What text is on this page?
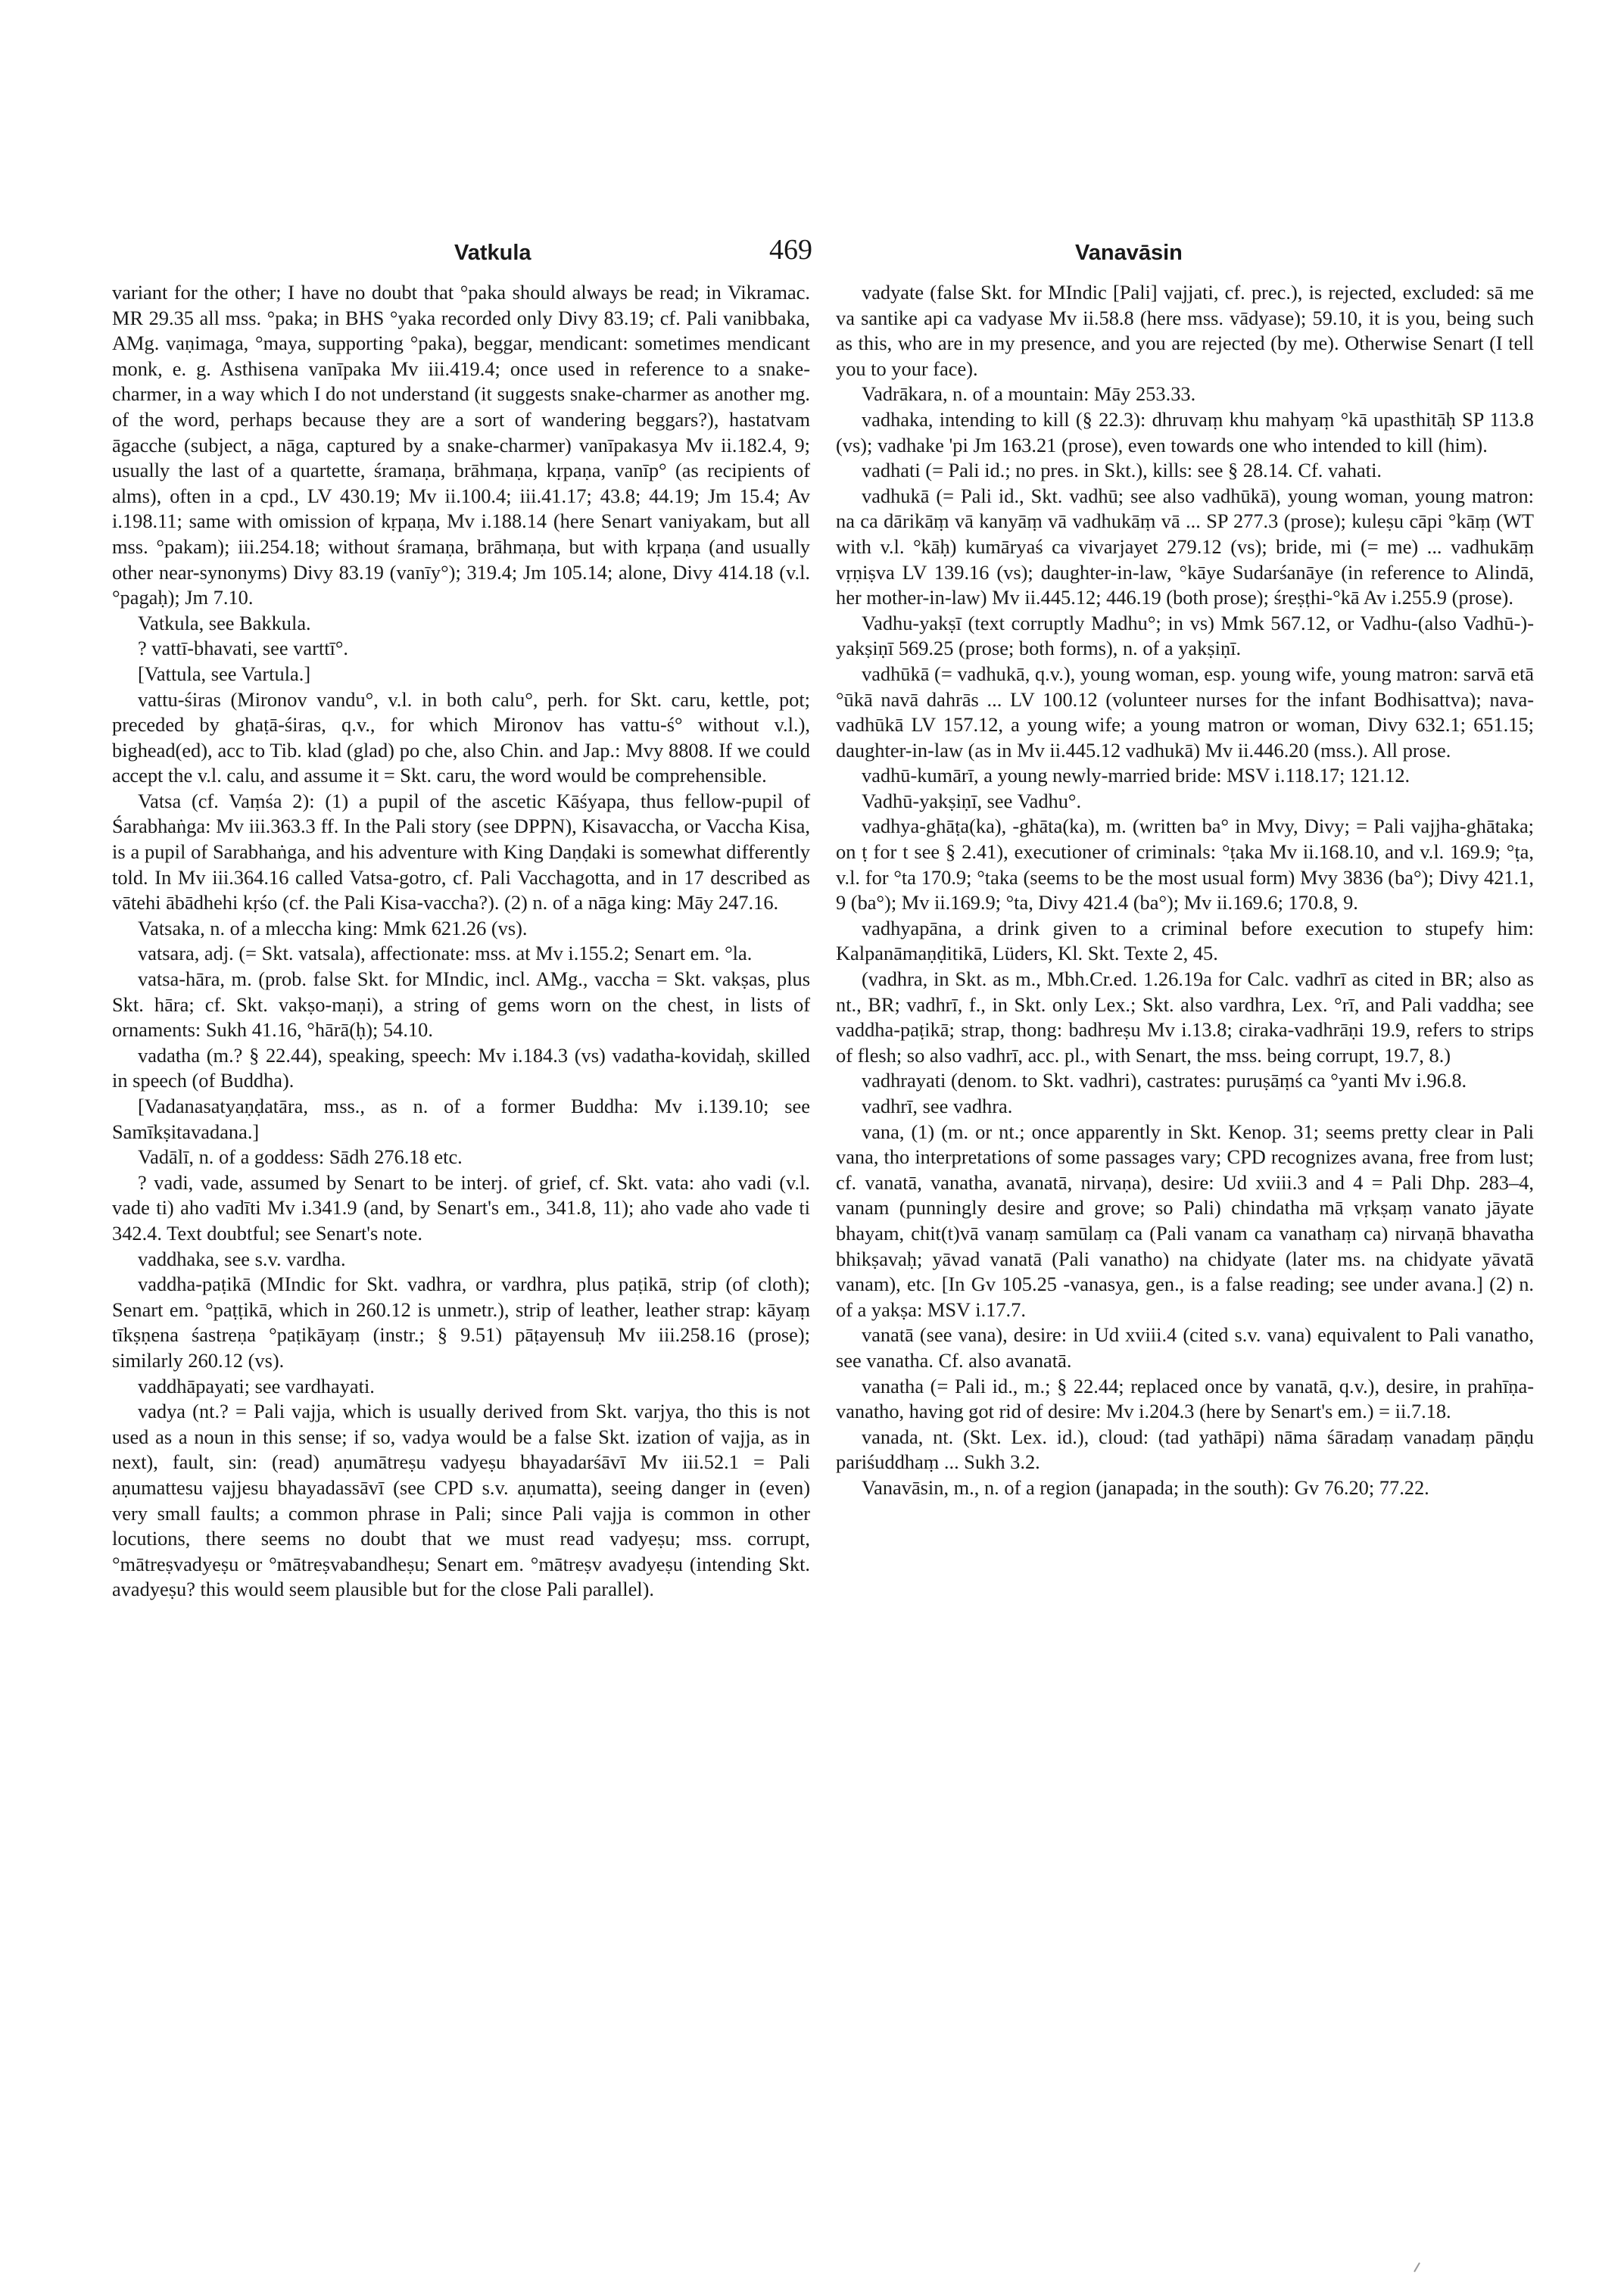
Vatkula	469	Vanavāsin

variant for the other; I have no doubt that °paka should always be read; in Vikramac. MR 29.35 all mss. °paka; in BHS °yaka recorded only Divy 83.19; cf. Pali vanibbaka, AMg. vaṇimaga, °maya, supporting °paka), beggar, mendicant: sometimes mendicant monk, e. g. Asthisena vanīpaka Mv iii.419.4; once used in reference to a snake-charmer, in a way which I do not understand (it suggests snake-charmer as another mg. of the word, perhaps because they are a sort of wandering beggars?), hastatvam āgacche (subject, a nāga, captured by a snake-charmer) vanīpakasya Mv ii.182.4, 9; usually the last of a quartette, śramaṇa, brāhmaṇa, kṛpaṇa, vanīp° (as recipients of alms), often in a cpd., LV 430.19; Mv ii.100.4; iii.41.17; 43.8; 44.19; Jm 15.4; Av i.198.11; same with omission of kṛpaṇa, Mv i.188.14 (here Senart vaniyakam, but all mss. °pakam); iii.254.18; without śramaṇa, brāhmaṇa, but with kṛpaṇa (and usually other near-synonyms) Divy 83.19 (vanīy°); 319.4; Jm 105.14; alone, Divy 414.18 (v.l. °pagaḥ); Jm 7.10.

Vatkula, see Bakkula.

? vattī-bhavati, see varttī°.

[Vattula, see Vartula.]

vattu-śiras (Mironov vandu°, v.l. in both calu°, perh. for Skt. caru, kettle, pot; preceded by ghaṭā-śiras, q.v., for which Mironov has vattu-ś° without v.l.), bighead(ed), acc to Tib. klad (glad) po che, also Chin. and Jap.: Mvy 8808. If we could accept the v.l. calu, and assume it = Skt. caru, the word would be comprehensible.

Vatsa (cf. Vaṃśa 2): (1) a pupil of the ascetic Kāśyapa, thus fellow-pupil of Śarabhaṅga: Mv iii.363.3 ff. In the Pali story (see DPPN), Kisavaccha, or Vaccha Kisa, is a pupil of Sarabhaṅga, and his adventure with King Daṇḍaki is somewhat differently told. In Mv iii.364.16 called Vatsa-gotro, cf. Pali Vacchagotta, and in 17 described as vātehi ābādhehi kṛśo (cf. the Pali Kisa-vaccha?). (2) n. of a nāga king: Māy 247.16.

Vatsaka, n. of a mleccha king: Mmk 621.26 (vs).

vatsara, adj. (= Skt. vatsala), affectionate: mss. at Mv i.155.2; Senart em. °la.

vatsa-hāra, m. (prob. false Skt. for MIndic, incl. AMg., vaccha = Skt. vakṣas, plus Skt. hāra; cf. Skt. vakṣo-maṇi), a string of gems worn on the chest, in lists of ornaments: Sukh 41.16, °hārā(ḥ); 54.10.

vadatha (m.? § 22.44), speaking, speech: Mv i.184.3 (vs) vadatha-kovidaḥ, skilled in speech (of Buddha).

[Vadanasatyaṇḍatāra, mss., as n. of a former Buddha: Mv i.139.10; see Samīkṣitavadana.]

Vadālī, n. of a goddess: Sādh 276.18 etc.

? vadi, vade, assumed by Senart to be interj. of grief, cf. Skt. vata: aho vadi (v.l. vade ti) aho vadīti Mv i.341.9 (and, by Senart's em., 341.8, 11); aho vade aho vade ti 342.4. Text doubtful; see Senart's note.

vaddhaka, see s.v. vardha.

vaddha-paṭikā (MIndic for Skt. vadhra, or vardhra, plus paṭikā, strip (of cloth); Senart em. °paṭṭikā, which in 260.12 is unmetr.), strip of leather, leather strap: kāyaṃ tīkṣṇena śastreṇa °paṭikāyaṃ (instr.; § 9.51) pāṭayensuḥ Mv iii.258.16 (prose); similarly 260.12 (vs).

vaddhāpayati; see vardhayati.

vadya (nt.? = Pali vajja, which is usually derived from Skt. varjya, tho this is not used as a noun in this sense; if so, vadya would be a false Skt. ization of vajja, as in next), fault, sin: (read) aṇumātreṣu vadyeṣu bhayadarśāvī Mv iii.52.1 = Pali aṇumattesu vajjesu bhayadassāvī (see CPD s.v. aṇumatta), seeing danger in (even) very small faults; a common phrase in Pali; since Pali vajja is common in other locutions, there seems no doubt that we must read vadyeṣu; mss. corrupt, °mātreṣvadyeṣu or °mātreṣvabandheṣu; Senart em. °mātreṣv avadyeṣu (intending Skt. avadyeṣu? this would seem plausible but for the close Pali parallel).

vadyate (false Skt. for MIndic [Pali] vajjati, cf. prec.), is rejected, excluded: sā me va santike api ca vadyase Mv ii.58.8 (here mss. vādyase); 59.10, it is you, being such as this, who are in my presence, and you are rejected (by me). Otherwise Senart (I tell you to your face).

Vadrākara, n. of a mountain: Māy 253.33.

vadhaka, intending to kill (§ 22.3): dhruvaṃ khu mahyaṃ °kā upasthitāḥ SP 113.8 (vs); vadhake 'pi Jm 163.21 (prose), even towards one who intended to kill (him).

vadhati (= Pali id.; no pres. in Skt.), kills: see § 28.14. Cf. vahati.

vadhukā (= Pali id., Skt. vadhū; see also vadhūkā), young woman, young matron: na ca dārikāṃ vā kanyāṃ vā vadhukāṃ vā ... SP 277.3 (prose); kuleṣu cāpi °kāṃ (WT with v.l. °kāḥ) kumāryaś ca vivarjayet 279.12 (vs); bride, mi (= me) ... vadhukāṃ vṛṇiṣva LV 139.16 (vs); daughter-in-law, °kāye Sudarśanāye (in reference to Alindā, her mother-in-law) Mv ii.445.12; 446.19 (both prose); śreṣṭhi-°kā Av i.255.9 (prose).

Vadhu-yakṣī (text corruptly Madhu°; in vs) Mmk 567.12, or Vadhu-(also Vadhū-)-yakṣiṇī 569.25 (prose; both forms), n. of a yakṣiṇī.

vadhūkā (= vadhukā, q.v.), young woman, esp. young wife, young matron: sarvā etā °ūkā navā dahrās ... LV 100.12 (volunteer nurses for the infant Bodhisattva); nava-vadhūkā LV 157.12, a young wife; a young matron or woman, Divy 632.1; 651.15; daughter-in-law (as in Mv ii.445.12 vadhukā) Mv ii.446.20 (mss.). All prose.

vadhū-kumārī, a young newly-married bride: MSV i.118.17; 121.12.

Vadhū-yakṣiṇī, see Vadhu°.

vadhya-ghāṭa(ka), -ghāta(ka), m. (written ba° in Mvy, Divy; = Pali vajjha-ghātaka; on ṭ for t see § 2.41), executioner of criminals: °ṭaka Mv ii.168.10, and v.l. 169.9; °ṭa, v.l. for °ta 170.9; °taka (seems to be the most usual form) Mvy 3836 (ba°); Divy 421.1, 9 (ba°); Mv ii.169.9; °ta, Divy 421.4 (ba°); Mv ii.169.6; 170.8, 9.

vadhyapāna, a drink given to a criminal before execution to stupefy him: Kalpanāmaṇḍitikā, Lüders, Kl. Skt. Texte 2, 45.

(vadhra, in Skt. as m., Mbh.Cr.ed. 1.26.19a for Calc. vadhrī as cited in BR; also as nt., BR; vadhrī, f., in Skt. only Lex.; Skt. also vardhra, Lex. °rī, and Pali vaddha; see vaddha-paṭikā; strap, thong: badhreṣu Mv i.13.8; ciraka-vadhrāṇi 19.9, refers to strips of flesh; so also vadhrī, acc. pl., with Senart, the mss. being corrupt, 19.7, 8.)

vadhrayati (denom. to Skt. vadhri), castrates: puruṣāṃś ca °yanti Mv i.96.8.

vadhrī, see vadhra.

vana, (1) (m. or nt.; once apparently in Skt. Kenop. 31; seems pretty clear in Pali vana, tho interpretations of some passages vary; CPD recognizes avana, free from lust; cf. vanatā, vanatha, avanatā, nirvaṇa), desire: Ud xviii.3 and 4 = Pali Dhp. 283–4, vanam (punningly desire and grove; so Pali) chindatha mā vṛkṣaṃ vanato jāyate bhayam, chit(t)vā vanaṃ samūlaṃ ca (Pali vanam ca vanathaṃ ca) nirvaṇā bhavatha bhikṣavaḥ; yāvad vanatā (Pali vanatho) na chidyate (later ms. na chidyate yāvatā vanam), etc. [In Gv 105.25 -vanasya, gen., is a false reading; see under avana.] (2) n. of a yakṣa: MSV i.17.7.

vanatā (see vana), desire: in Ud xviii.4 (cited s.v. vana) equivalent to Pali vanatho, see vanatha. Cf. also avanatā.

vanatha (= Pali id., m.; § 22.44; replaced once by vanatā, q.v.), desire, in prahīṇa-vanatho, having got rid of desire: Mv i.204.3 (here by Senart's em.) = ii.7.18.

vanada, nt. (Skt. Lex. id.), cloud: (tad yathāpi) nāma śāradaṃ vanadaṃ pāṇḍu pariśuddhaṃ ... Sukh 3.2.

Vanavāsin, m., n. of a region (janapada; in the south): Gv 76.20; 77.22.
